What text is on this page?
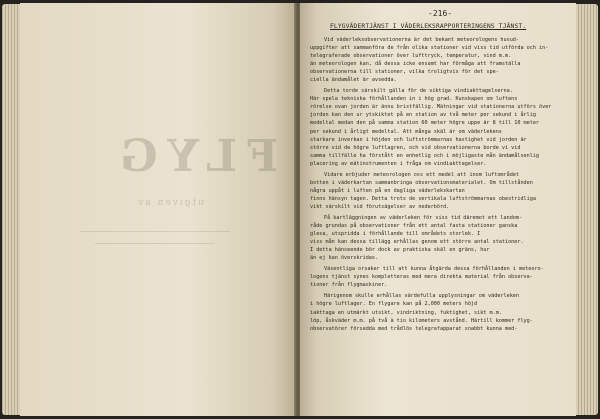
FLYG
utgiven av
-216-
FLYGVÄDERTJÄNST I VÄDERLEKSRAPPORTERINGENS TJÄNST.
Vid väderleksobservationerna är det bekant meteorologens huvud-
uppgifter att sammanföra de från olika stationer vid viss tid utförda och in-
telegraferade observationer över lufttryck, temperatur, vind m.m.
än meteorologen kan, då dessa icke ensamt har förmåga att framställa
observationerna till stationer, vilka troligtvis för det spe-
ciella ändamålet är avsedda.
Detta torde särskilt gälla för de viktiga vindiakttagelserna.
Här spela tekniska förhållanden in i hög grad. Kunskapen om luftens
rörelse ovan jorden är ännu bristfällig. Mätningar vid stationerna utförs över
jorden kan den ur ytskiktet på en station av två meter per sekund i årlig
medeltal medan den på samma station 60 meter högre uppe är 8 till 10 meter
per sekund i årligt medeltal. Att många skäl är om väderlekens
starkare inverkan i höjden och luftströmmarnas hastighet vid jorden är
större vid de högre luftlagren, och vid observationerna borde vi vid
samma tillfälle ha förstått en enhetlig och i möjligaste mån ändamålsenlig
placering av mätinstrumenten i fråga om vindiakttagelser.
Vidare erbjuder meteorologen oss ett medel att inom luftområdet
botten i väderkartan sammanbringa observationsmaterialet. Om tillstånden
några uppåt i luften på en dagliga väderlekskartan
finns hänsyn tagen. Detta trots de vertikala luftströmmarnas obestridliga
vikt särskilt vid förutsägelser av nederbörd.
På kartläggningen av väderleken för viss tid däremot ett landom-
råde grundas på observationer från ett antal fasta stationer ganska
glesa, utspridda i förhållande till områdets storlek. I
viss mån kan dessa tillägg erhållas genom ett större antal stationer.
I detta hänseende bör dock av praktiska skäl en gräns, hur
än ej kan överskridas.
Väsentliga orsaker till att kunna åtgärda dessa förhållanden i meteoro-
logens tjänst synes kompletteras med mera direkta material från observa-
tioner från flygmaskiner.
Härigenom skulle erhållas värdefulla upplysningar om väderleken
i högre luftlager. En flygare kan på 2,000 meters höjd
iakttaga en utmärkt utsikt, vindriktning, fuktighet, sikt m.m.
löp, åskväder m.m. på två à tio kilometers avstånd. Härtill kommer flyg-
observatörer försedda med trådlös telegrafapparat snabbt kunna med-
